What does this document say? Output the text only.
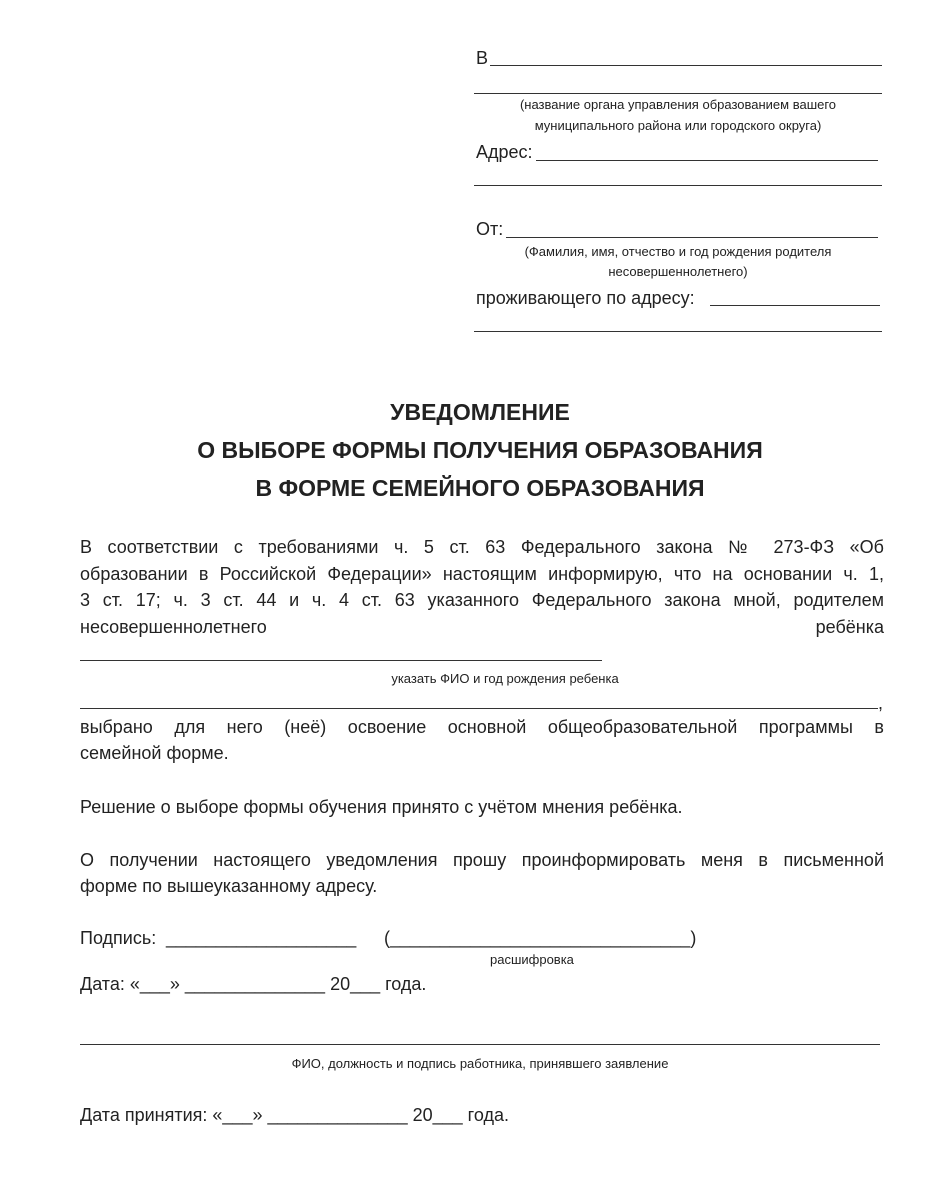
В
(название органа управления образованием вашего
муниципального района или городского округа)
Адрес:
От:
(Фамилия, имя, отчество и год рождения родителя
несовершеннолетнего)
проживающего по адресу:
УВЕДОМЛЕНИЕ
О ВЫБОРЕ ФОРМЫ ПОЛУЧЕНИЯ ОБРАЗОВАНИЯ
В ФОРМЕ СЕМЕЙНОГО ОБРАЗОВАНИЯ
В соответствии с требованиями ч. 5 ст. 63 Федерального закона № 273-ФЗ «Об
образовании в Российской Федерации» настоящим информирую, что на основании ч. 1,
3 ст. 17; ч. 3 ст. 44 и ч. 4 ст. 63 указанного Федерального закона мной, родителем
несовершеннолетнего	ребёнка
указать ФИО и год рождения ребенка
,
выбрано для него (неё) освоение основной общеобразовательной программы в
семейной форме.
Решение о выборе формы обучения принято с учётом мнения ребёнка.
О получении настоящего уведомления прошу проинформировать меня в письменной
форме по вышеуказанному адресу.
Подпись: ___________________ (______________________________)
расшифровка
Дата: «___» ______________ 20___ года.
ФИО, должность и подпись работника, принявшего заявление
Дата принятия: «___» ______________ 20___ года.
